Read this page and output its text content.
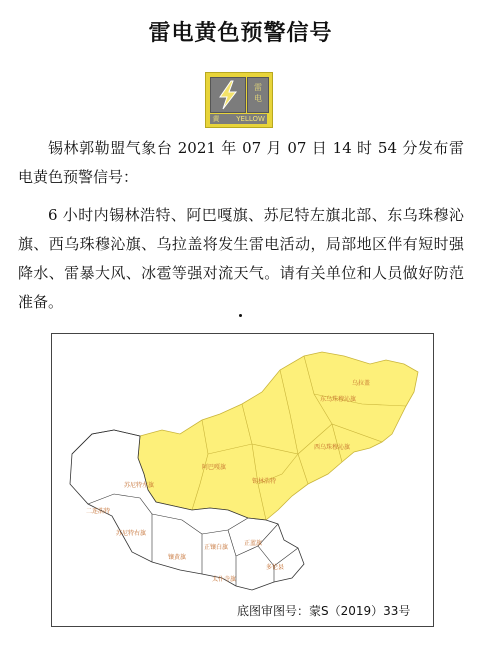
雷电黄色预警信号
雷
电
黄 YELLOW
锡林郭勒盟气象台 2021 年 07 月 07 日 14 时 54 分发布雷电黄色预警信号：
6 小时内锡林浩特、阿巴嘎旗、苏尼特左旗北部、东乌珠穆沁旗、西乌珠穆沁旗、乌拉盖将发生雷电活动，局部地区伴有短时强降水、雷暴大风、冰雹等强对流天气。请有关单位和人员做好防范准备。
东乌珠穆沁旗
西乌珠穆沁旗
阿巴嘎旗
锡林浩特
乌拉盖
苏尼特左旗
二连浩特
苏尼特右旗
镶黄旗
正镶白旗
正蓝旗
太仆寺旗
多伦县
底图审图号：蒙S（2019）33号
